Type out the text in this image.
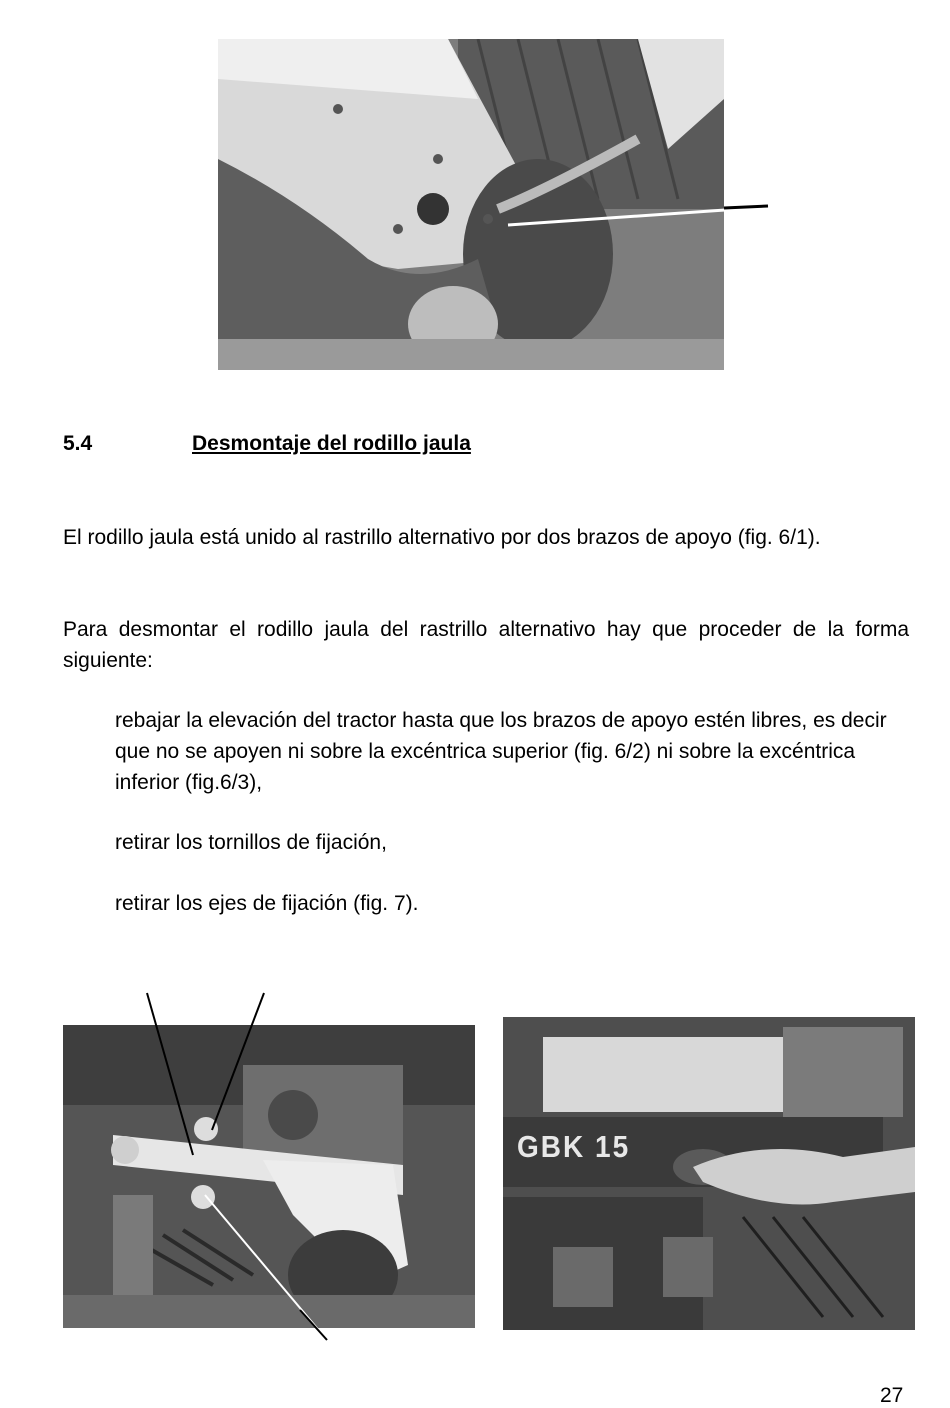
5.4	Desmontaje del rodillo jaula

El rodillo jaula está unido al rastrillo alternativo por dos brazos de apoyo (fig. 6/1).

Para desmontar el rodillo jaula del rastrillo alternativo hay que proceder de la forma siguiente:

rebajar la elevación del tractor hasta que los brazos de apoyo estén libres, es decir que no se apoyen ni sobre la excéntrica superior (fig. 6/2) ni sobre la excéntrica inferior (fig.6/3),

retirar los tornillos de fijación,

retirar los ejes de fijación (fig. 7).

GBK 15
27
